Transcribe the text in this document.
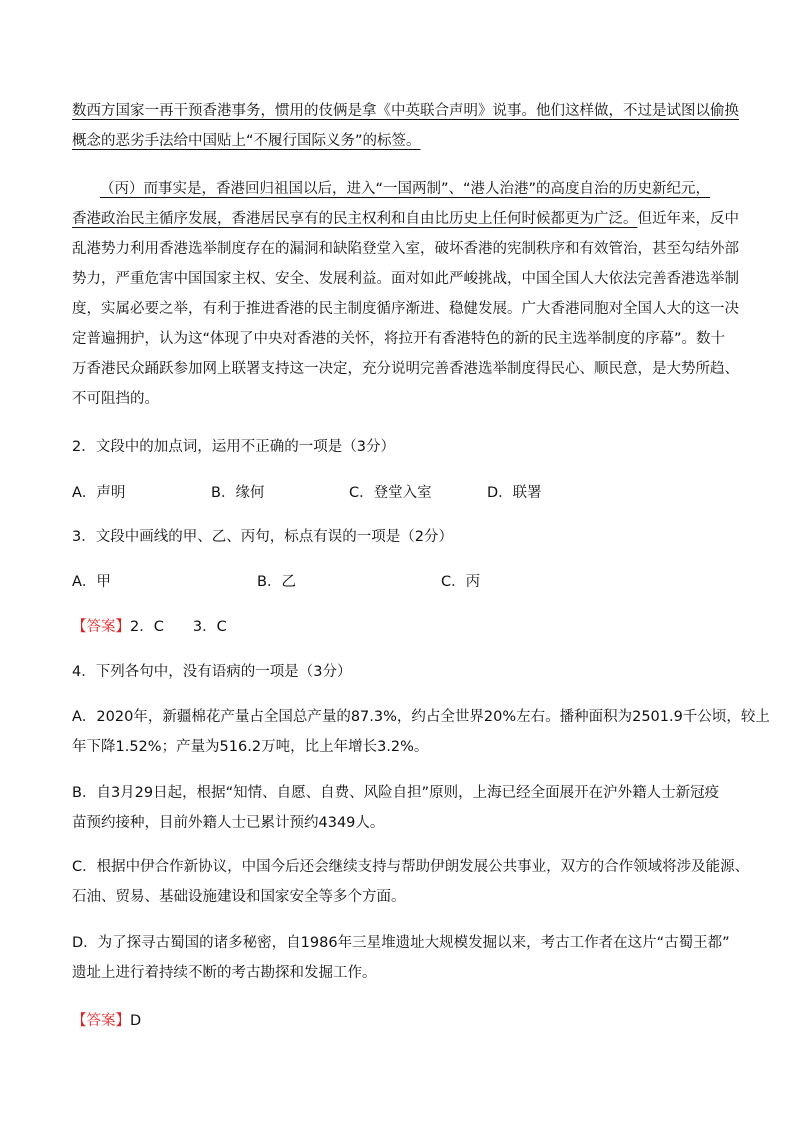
数西方国家一再干预香港事务，惯用的伎俩是拿《中英联合声明》说事。他们这样做，不过是试图以偷换
概念的恶劣手法给中国贴上“不履行国际义务”的标签。
（丙）而事实是，香港回归祖国以后，进入“一国两制”、“港人治港”的高度自治的历史新纪元，
香港政治民主循序发展，香港居民享有的民主权利和自由比历史上任何时候都更为广泛。但近年来，反中
乱港势力利用香港选举制度存在的漏洞和缺陷登堂入室，破坏香港的宪制秩序和有效管治，甚至勾结外部
势力，严重危害中国国家主权、安全、发展利益。面对如此严峻挑战，中国全国人大依法完善香港选举制
度，实属必要之举，有利于推进香港的民主制度循序渐进、稳健发展。广大香港同胞对全国人大的这一决
定普遍拥护，认为这“体现了中央对香港的关怀，将拉开有香港特色的新的民主选举制度的序幕”。数十
万香港民众踊跃参加网上联署支持这一决定，充分说明完善香港选举制度得民心、顺民意，是大势所趋、
不可阻挡的。
2．文段中的加点词，运用不正确的一项是（3分）
A．声明	B．缘何	C．登堂入室	D．联署
3．文段中画线的甲、乙、丙句，标点有误的一项是（2分）
A．甲	B．乙	C．丙
【答案】2．C　　3．C
4．下列各句中，没有语病的一项是（3分）
A．2020年，新疆棉花产量占全国总产量的87.3%，约占全世界20%左右。播种面积为2501.9千公顷，较上
年下降1.52%；产量为516.2万吨，比上年增长3.2%。
B．自3月29日起，根据“知情、自愿、自费、风险自担”原则，上海已经全面展开在沪外籍人士新冠疫
苗预约接种，目前外籍人士已累计预约4349人。
C．根据中伊合作新协议，中国今后还会继续支持与帮助伊朗发展公共事业，双方的合作领域将涉及能源、
石油、贸易、基础设施建设和国家安全等多个方面。
D．为了探寻古蜀国的诸多秘密，自1986年三星堆遗址大规模发掘以来，考古工作者在这片“古蜀王都”
遗址上进行着持续不断的考古勘探和发掘工作。
【答案】D
